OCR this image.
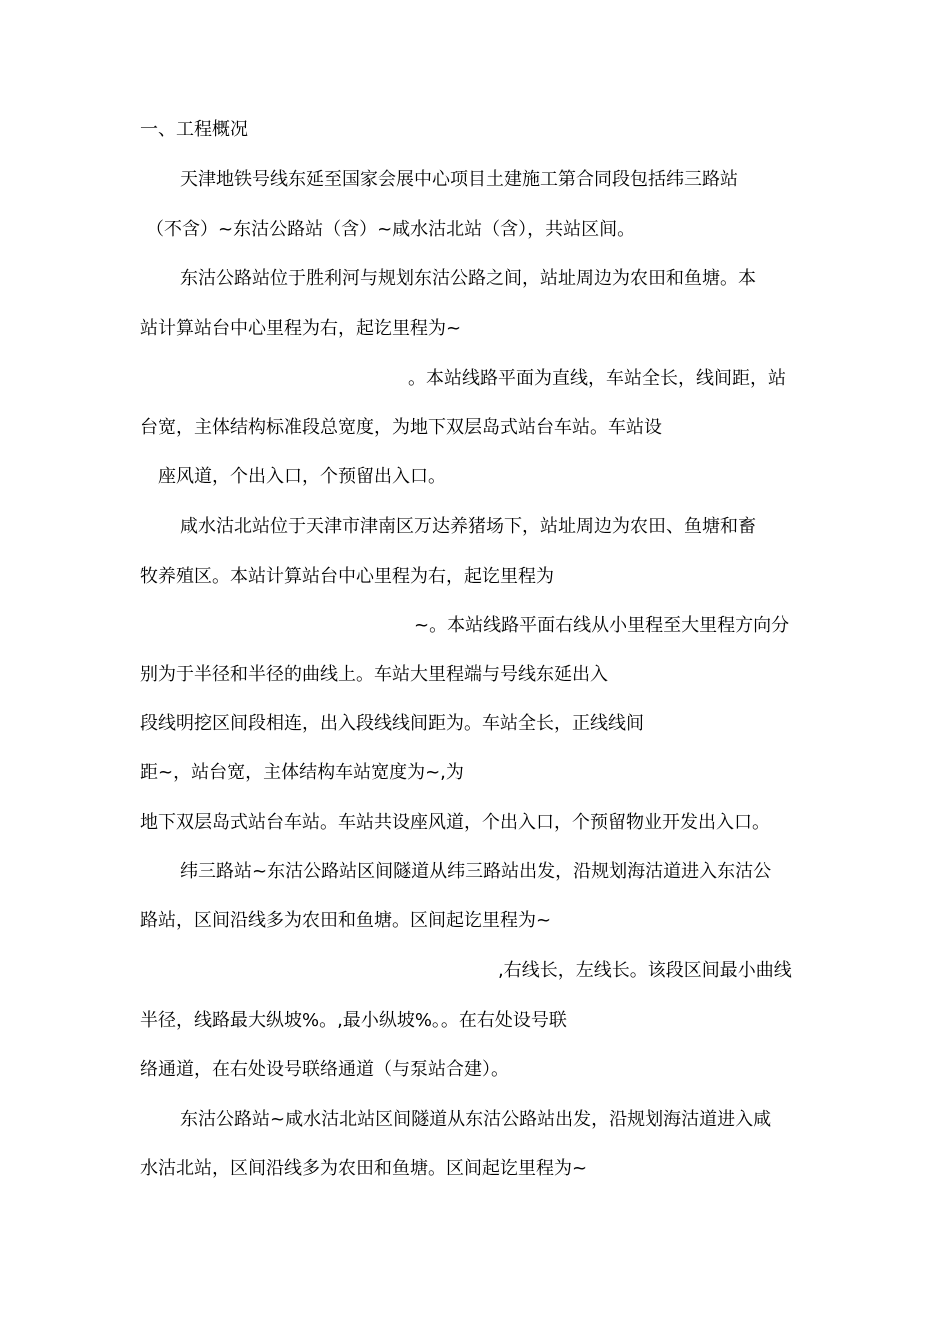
一、工程概况
天津地铁号线东延至国家会展中心项目土建施工第合同段包括纬三路站
（不含）~东沽公路站（含）~咸水沽北站（含），共站区间。
东沽公路站位于胜利河与规划东沽公路之间，站址周边为农田和鱼塘。本
站计算站台中心里程为右，起讫里程为~
。本站线路平面为直线，车站全长，线间距，站
台宽，主体结构标准段总宽度，为地下双层岛式站台车站。车站设
座风道，个出入口，个预留出入口。
咸水沽北站位于天津市津南区万达养猪场下，站址周边为农田、鱼塘和畜
牧养殖区。本站计算站台中心里程为右，起讫里程为
~。本站线路平面右线从小里程至大里程方向分
别为于半径和半径的曲线上。车站大里程端与号线东延出入
段线明挖区间段相连，出入段线线间距为。车站全长，正线线间
距~，站台宽，主体结构车站宽度为~,为
地下双层岛式站台车站。车站共设座风道，个出入口，个预留物业开发出入口。
纬三路站~东沽公路站区间隧道从纬三路站出发，沿规划海沽道进入东沽公
路站，区间沿线多为农田和鱼塘。区间起讫里程为~
,右线长，左线长。该段区间最小曲线
半径，线路最大纵坡%。,最小纵坡%。。在右处设号联
络通道，在右处设号联络通道（与泵站合建）。
东沽公路站~咸水沽北站区间隧道从东沽公路站出发，沿规划海沽道进入咸
水沽北站，区间沿线多为农田和鱼塘。区间起讫里程为~
